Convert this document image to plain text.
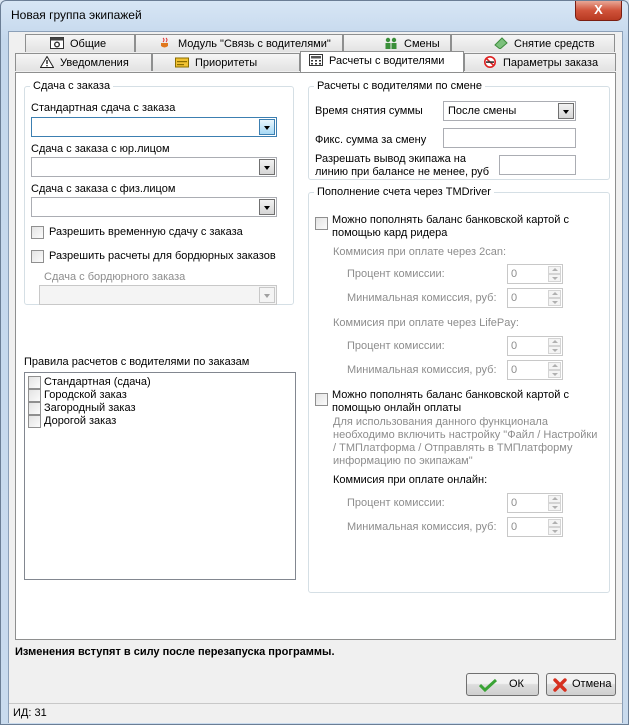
Новая группа экипажей	X
Общие	Модуль "Связь с водителями"	Смены	Снятие средств
Уведомления	Приоритеты	Расчеты с водителями	Параметры заказа
Сдача с заказа
Стандартная сдача с заказа
Сдача с заказа с юр.лицом
Сдача с заказа с физ.лицом
Разрешить временную сдачу с заказа
Разрешить расчеты для бордюрных заказов
Сдача с бордюрного заказа
Правила расчетов с водителями по заказам
Стандартная (сдача)
Городской заказ
Загородный заказ
Дорогой заказ
Расчеты с водителями по смене
Время снятия суммы После смены
Фикс. сумма за смену
Разрешать вывод экипажа на
линию при балансе не менее, руб
Пополнение счета через TMDriver
Можно пополнять баланс банковской картой с
помощью кард ридера
Коммисия при оплате через 2can:
Процент комиссии:	0
Минимальная комиссия, руб: 0
Коммисия при оплате через LifePay:
Процент комиссии:	0
Минимальная комиссия, руб: 0
Можно пополнять баланс банковской картой с
помощью онлайн оплаты
Для использования данного функционала
необходимо включить настройку "Файл / Настройки
/ ТМПлатформа / Отправлять в ТМПлатформу
информацию по экипажам"
Коммисия при оплате онлайн:
Процент комиссии:	0
Минимальная комиссия, руб: 0
Изменения вступят в силу после перезапуска программы.
ОК	Отмена
ИД: 31
